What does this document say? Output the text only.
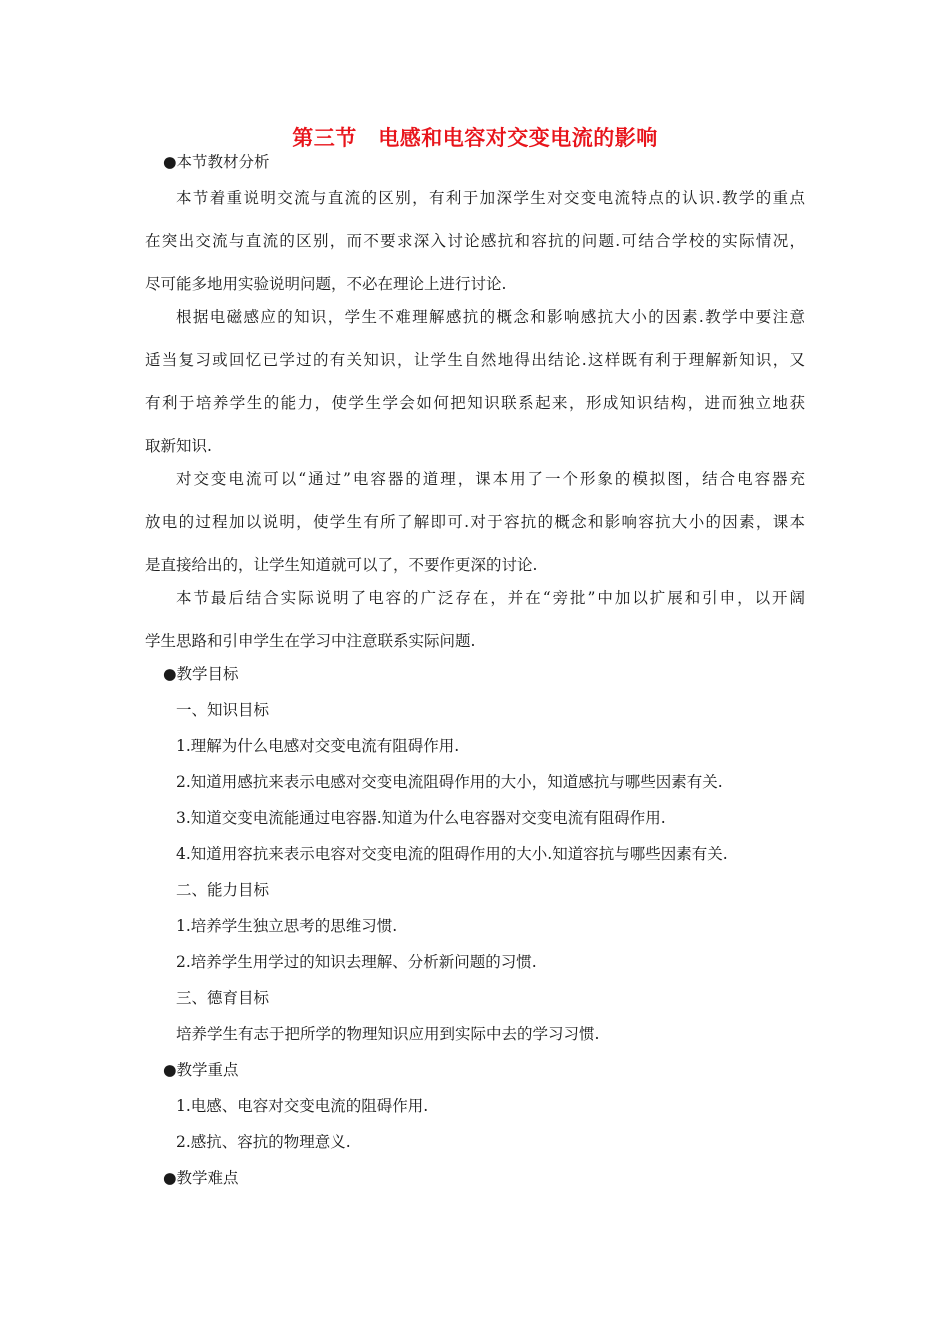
第三节　电感和电容对交变电流的影响
●本节教材分析
本节着重说明交流与直流的区别，有利于加深学生对交变电流特点的认识.教学的重点
在突出交流与直流的区别，而不要求深入讨论感抗和容抗的问题.可结合学校的实际情况，
尽可能多地用实验说明问题，不必在理论上进行讨论.
根据电磁感应的知识，学生不难理解感抗的概念和影响感抗大小的因素.教学中要注意
适当复习或回忆已学过的有关知识，让学生自然地得出结论.这样既有利于理解新知识，又
有利于培养学生的能力，使学生学会如何把知识联系起来，形成知识结构，进而独立地获
取新知识.
对交变电流可以“通过”电容器的道理，课本用了一个形象的模拟图，结合电容器充
放电的过程加以说明，使学生有所了解即可.对于容抗的概念和影响容抗大小的因素，课本
是直接给出的，让学生知道就可以了，不要作更深的讨论.
本节最后结合实际说明了电容的广泛存在，并在“旁批”中加以扩展和引申，以开阔
学生思路和引申学生在学习中注意联系实际问题.
●教学目标
一、知识目标
1.理解为什么电感对交变电流有阻碍作用.
2.知道用感抗来表示电感对交变电流阻碍作用的大小，知道感抗与哪些因素有关.
3.知道交变电流能通过电容器.知道为什么电容器对交变电流有阻碍作用.
4.知道用容抗来表示电容对交变电流的阻碍作用的大小.知道容抗与哪些因素有关.
二、能力目标
1.培养学生独立思考的思维习惯.
2.培养学生用学过的知识去理解、分析新问题的习惯.
三、德育目标
培养学生有志于把所学的物理知识应用到实际中去的学习习惯.
●教学重点
1.电感、电容对交变电流的阻碍作用.
2.感抗、容抗的物理意义.
●教学难点
